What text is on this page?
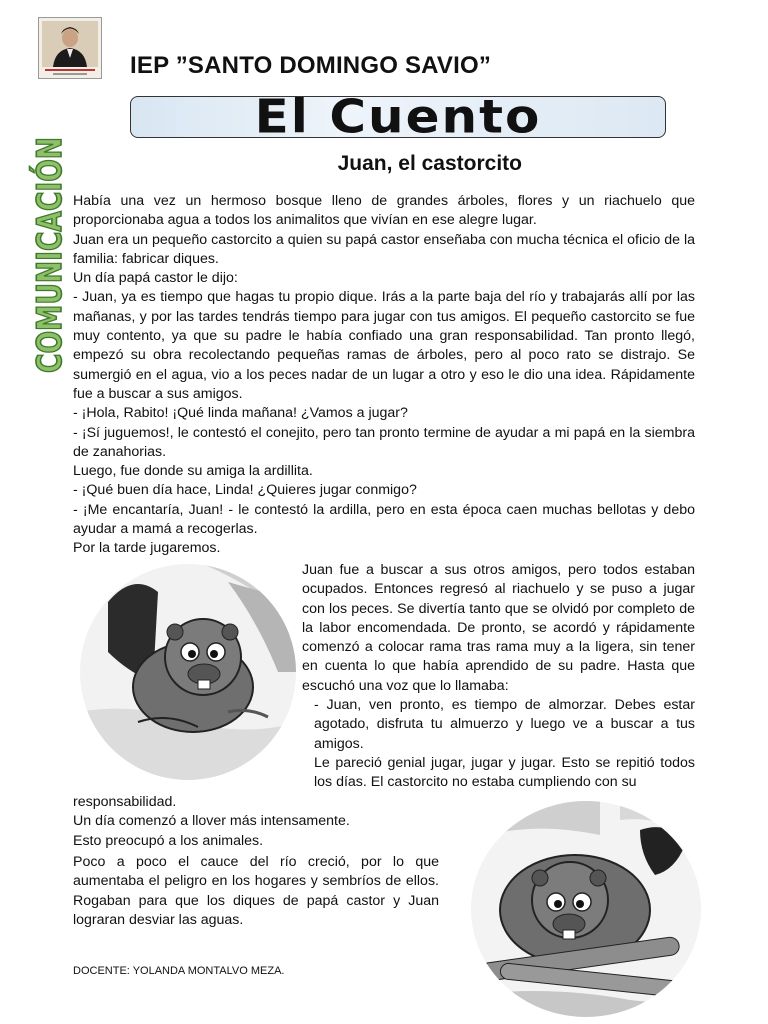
IEP ”SANTO DOMINGO SAVIO”
El Cuento
COMUNICACIÓN	Juan, el castorcito

Había una vez un hermoso bosque lleno de grandes árboles, flores y un riachuelo que proporcionaba agua a todos los animalitos que vivían en ese alegre lugar.

Juan era un pequeño castorcito a quien su papá castor enseñaba con mucha técnica el oficio de la familia: fabricar diques.

Un día papá castor le dijo:

- Juan, ya es tiempo que hagas tu propio dique. Irás a la parte baja del río y trabajarás allí por las mañanas, y por las tardes tendrás tiempo para jugar con tus amigos. El pequeño castorcito se fue muy contento, ya que su padre le había confiado una gran responsabilidad. Tan pronto llegó, empezó su obra recolectando pequeñas ramas de árboles, pero al poco rato se distrajo. Se sumergió en el agua, vio a los peces nadar de un lugar a otro y eso le dio una idea. Rápidamente fue a buscar a sus amigos.

- ¡Hola, Rabito! ¡Qué linda mañana! ¿Vamos a jugar?

- ¡Sí juguemos!, le contestó el conejito, pero tan pronto termine de ayudar a mi papá en la siembra de zanahorias.

Luego, fue donde su amiga la ardillita.

- ¡Qué buen día hace, Linda! ¿Quieres jugar conmigo?

- ¡Me encantaría, Juan! - le contestó la ardilla, pero en esta época caen muchas bellotas y debo ayudar a mamá a recogerlas.

Por la tarde jugaremos.

Juan fue a buscar a sus otros amigos, pero todos estaban ocupados. Entonces regresó al riachuelo y se puso a jugar con los peces. Se divertía tanto que se olvidó por completo de la labor encomendada. De pronto, se acordó y rápidamente comenzó a colocar rama tras rama muy a la ligera, sin tener en cuenta lo que había aprendido de su padre. Hasta que escuchó una voz que lo llamaba:

- Juan, ven pronto, es tiempo de almorzar. Debes estar agotado, disfruta tu almuerzo y luego ve a buscar a tus amigos.

Le pareció genial jugar, jugar y jugar. Esto se repitió todos los días. El castorcito no estaba cumpliendo con su

responsabilidad.

Un día comenzó a llover más intensamente.

Esto preocupó a los animales.

Poco a poco el cauce del río creció, por lo que aumentaba el peligro en los hogares y sembríos de ellos. Rogaban para que los diques de papá castor y Juan lograran desviar las aguas.

DOCENTE: YOLANDA MONTALVO MEZA.
